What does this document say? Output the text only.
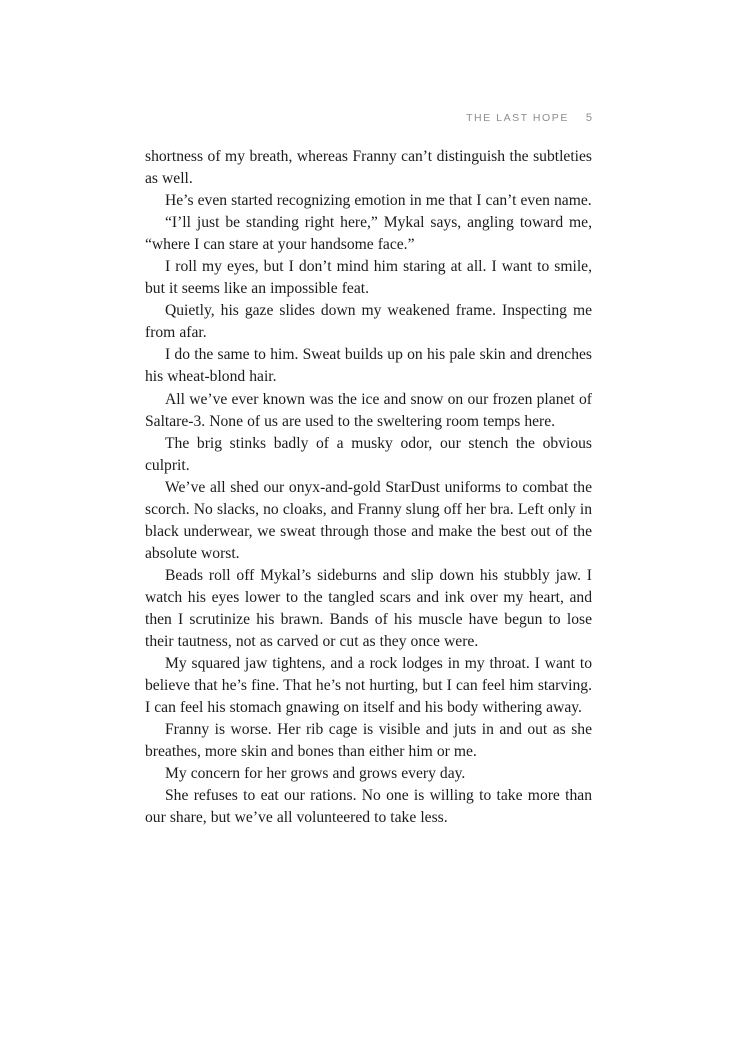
THE LAST HOPE 5

shortness of my breath, whereas Franny can’t distinguish the subtleties as well.

He’s even started recognizing emotion in me that I can’t even name.

“I’ll just be standing right here,” Mykal says, angling toward me, “where I can stare at your handsome face.”

I roll my eyes, but I don’t mind him staring at all. I want to smile, but it seems like an impossible feat.

Quietly, his gaze slides down my weakened frame. Inspecting me from afar.

I do the same to him. Sweat builds up on his pale skin and drenches his wheat-blond hair.

All we’ve ever known was the ice and snow on our frozen planet of Saltare-3. None of us are used to the sweltering room temps here.

The brig stinks badly of a musky odor, our stench the obvious culprit.

We’ve all shed our onyx-and-gold StarDust uniforms to combat the scorch. No slacks, no cloaks, and Franny slung off her bra. Left only in black underwear, we sweat through those and make the best out of the absolute worst.

Beads roll off Mykal’s sideburns and slip down his stubbly jaw. I watch his eyes lower to the tangled scars and ink over my heart, and then I scrutinize his brawn. Bands of his muscle have begun to lose their tautness, not as carved or cut as they once were.

My squared jaw tightens, and a rock lodges in my throat. I want to believe that he’s fine. That he’s not hurting, but I can feel him starving. I can feel his stomach gnawing on itself and his body withering away.

Franny is worse. Her rib cage is visible and juts in and out as she breathes, more skin and bones than either him or me.

My concern for her grows and grows every day.

She refuses to eat our rations. No one is willing to take more than our share, but we’ve all volunteered to take less.
